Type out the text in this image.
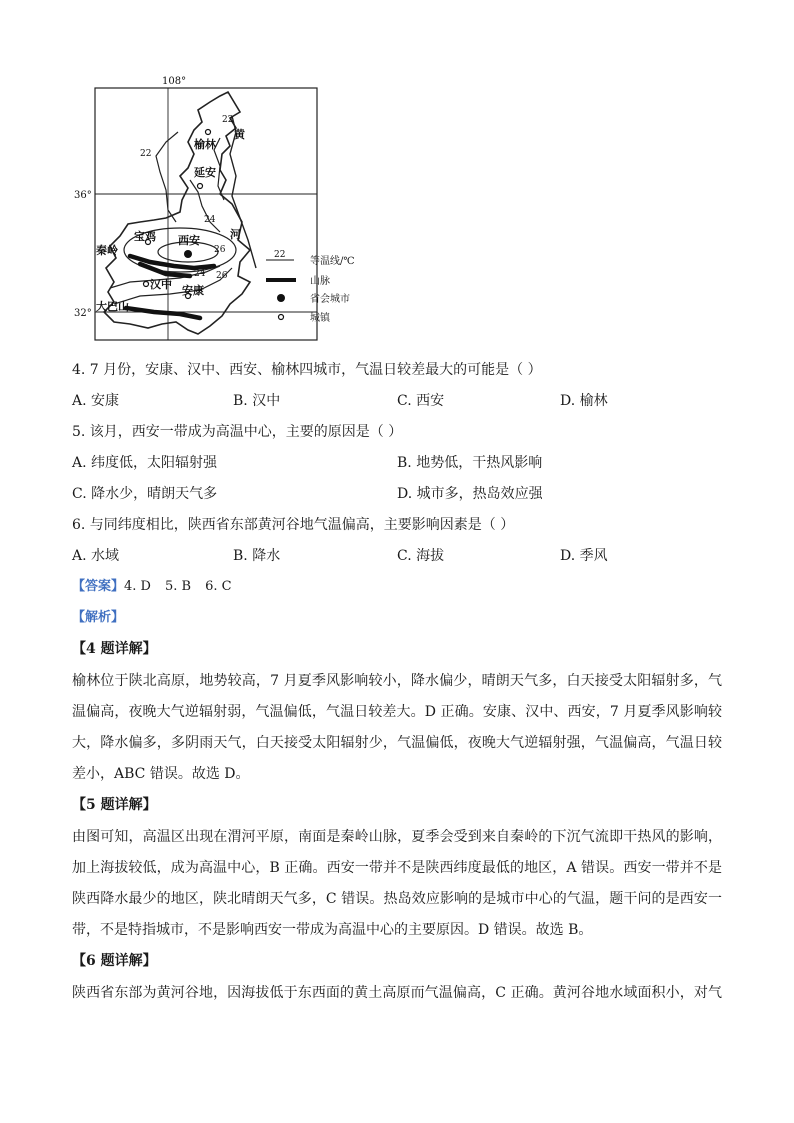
108°
36°
32°
榆林
延安
黄
河
宝鸡 西安
秦岭
汉中 安康
大巴山
22
22
24
26
24 26
22
等温线/℃
山脉
省会城市
城镇
4. 7 月份，安康、汉中、西安、榆林四城市，气温日较差最大的可能是（ ）
A. 安康	B. 汉中	C. 西安	D. 榆林
5. 该月，西安一带成为高温中心，主要的原因是（ ）
A. 纬度低，太阳辐射强	B. 地势低，干热风影响
C. 降水少，晴朗天气多	D. 城市多，热岛效应强
6. 与同纬度相比，陕西省东部黄河谷地气温偏高，主要影响因素是（ ）
A. 水域	B. 降水	C. 海拔	D. 季风
【答案】4. D 5. B 6. C
【解析】
【4 题详解】
榆林位于陕北高原，地势较高，7 月夏季风影响较小，降水偏少，晴朗天气多，白天接受太阳辐射多，气
温偏高，夜晚大气逆辐射弱，气温偏低，气温日较差大。D 正确。安康、汉中、西安，7 月夏季风影响较
大，降水偏多，多阴雨天气，白天接受太阳辐射少，气温偏低，夜晚大气逆辐射强，气温偏高，气温日较
差小，ABC 错误。故选 D。
【5 题详解】
由图可知，高温区出现在渭河平原，南面是秦岭山脉，夏季会受到来自秦岭的下沉气流即干热风的影响，
加上海拔较低，成为高温中心，B 正确。西安一带并不是陕西纬度最低的地区，A 错误。西安一带并不是
陕西降水最少的地区，陕北晴朗天气多，C 错误。热岛效应影响的是城市中心的气温，题干问的是西安一
带，不是特指城市，不是影响西安一带成为高温中心的主要原因。D 错误。故选 B。
【6 题详解】
陕西省东部为黄河谷地，因海拔低于东西面的黄土高原而气温偏高，C 正确。黄河谷地水域面积小，对气
